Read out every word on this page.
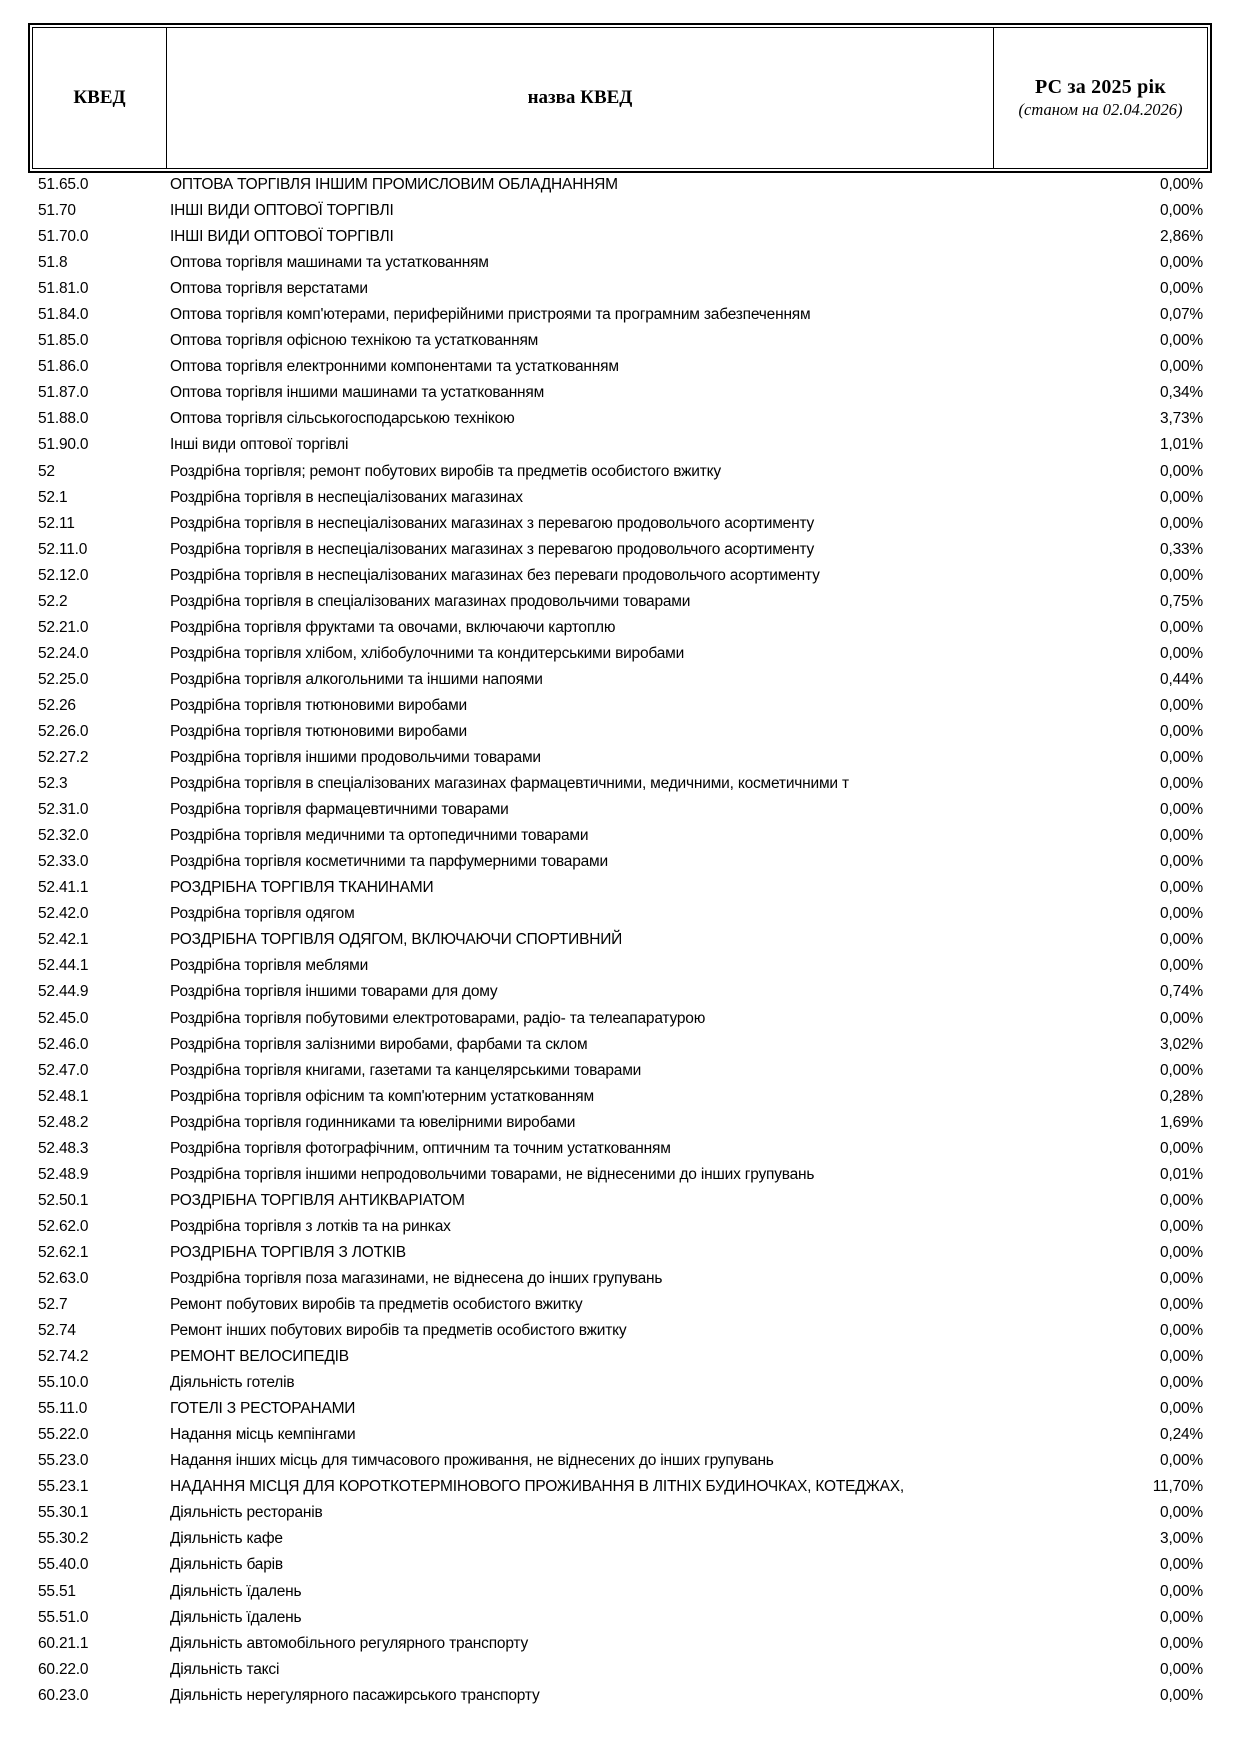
КВЕД	назва КВЕД	РС за 2025 рік
(станом на 02.04.2026)
51.65.0	ОПТОВА ТОРГІВЛЯ ІНШИМ ПРОМИСЛОВИМ ОБЛАДНАННЯМ	0,00%
51.70	ІНШІ ВИДИ ОПТОВОЇ ТОРГІВЛІ	0,00%
51.70.0	ІНШІ ВИДИ ОПТОВОЇ ТОРГІВЛІ	2,86%
51.8	Оптова торгівля машинами та устаткованням	0,00%
51.81.0	Оптова торгівля верстатами	0,00%
51.84.0	Оптова торгівля комп'ютерами, периферійними пристроями та програмним забезпеченням	0,07%
51.85.0	Оптова торгівля офісною технікою та устаткованням	0,00%
51.86.0	Оптова торгівля електронними компонентами та устаткованням	0,00%
51.87.0	Оптова торгівля іншими машинами та устаткованням	0,34%
51.88.0	Оптова торгівля сільськогосподарською технікою	3,73%
51.90.0	Інші види оптової торгівлі	1,01%
52	Роздрібна торгівля; ремонт побутових виробів та предметів особистого вжитку	0,00%
52.1	Роздрібна торгівля в неспеціалізованих магазинах	0,00%
52.11	Роздрібна торгівля в неспеціалізованих магазинах з перевагою продовольчого асортименту	0,00%
52.11.0	Роздрібна торгівля в неспеціалізованих магазинах з перевагою продовольчого асортименту	0,33%
52.12.0	Роздрібна торгівля в неспеціалізованих магазинах без переваги продовольчого асортименту	0,00%
52.2	Роздрібна торгівля в спеціалізованих магазинах продовольчими товарами	0,75%
52.21.0	Роздрібна торгівля фруктами та овочами, включаючи картоплю	0,00%
52.24.0	Роздрібна торгівля хлібом, хлібобулочними та кондитерськими виробами	0,00%
52.25.0	Роздрібна торгівля алкогольними та іншими напоями	0,44%
52.26	Роздрібна торгівля тютюновими виробами	0,00%
52.26.0	Роздрібна торгівля тютюновими виробами	0,00%
52.27.2	Роздрібна торгівля іншими продовольчими товарами	0,00%
52.3	Роздрібна торгівля в спеціалізованих магазинах фармацевтичними, медичними, косметичними т	0,00%
52.31.0	Роздрібна торгівля фармацевтичними товарами	0,00%
52.32.0	Роздрібна торгівля медичними та ортопедичними товарами	0,00%
52.33.0	Роздрібна торгівля косметичними та парфумерними товарами	0,00%
52.41.1	РОЗДРІБНА ТОРГІВЛЯ ТКАНИНАМИ	0,00%
52.42.0	Роздрібна торгівля одягом	0,00%
52.42.1	РОЗДРІБНА ТОРГІВЛЯ ОДЯГОМ, ВКЛЮЧАЮЧИ СПОРТИВНИЙ	0,00%
52.44.1	Роздрібна торгівля меблями	0,00%
52.44.9	Роздрібна торгівля іншими товарами для дому	0,74%
52.45.0	Роздрібна торгівля побутовими електротоварами, радіо- та телеапаратурою	0,00%
52.46.0	Роздрібна торгівля залізними виробами, фарбами та склом	3,02%
52.47.0	Роздрібна торгівля книгами, газетами та канцелярськими товарами	0,00%
52.48.1	Роздрібна торгівля офісним та комп'ютерним устаткованням	0,28%
52.48.2	Роздрібна торгівля годинниками та ювелірними виробами	1,69%
52.48.3	Роздрібна торгівля фотографічним, оптичним та точним устаткованням	0,00%
52.48.9	Роздрібна торгівля іншими непродовольчими товарами, не віднесеними до інших групувань	0,01%
52.50.1	РОЗДРІБНА ТОРГІВЛЯ АНТИКВАРІАТОМ	0,00%
52.62.0	Роздрібна торгівля з лотків та на ринках	0,00%
52.62.1	РОЗДРІБНА ТОРГІВЛЯ З ЛОТКІВ	0,00%
52.63.0	Роздрібна торгівля поза магазинами, не віднесена до інших групувань	0,00%
52.7	Ремонт побутових виробів та предметів особистого вжитку	0,00%
52.74	Ремонт інших побутових виробів та предметів особистого вжитку	0,00%
52.74.2	РЕМОНТ ВЕЛОСИПЕДІВ	0,00%
55.10.0	Діяльність готелів	0,00%
55.11.0	ГОТЕЛІ З РЕСТОРАНАМИ	0,00%
55.22.0	Надання місць кемпінгами	0,24%
55.23.0	Надання інших місць для тимчасового проживання, не віднесених до інших групувань	0,00%
55.23.1	НАДАННЯ МІСЦЯ ДЛЯ КОРОТКОТЕРМІНОВОГО ПРОЖИВАННЯ В ЛІТНІХ БУДИНОЧКАХ, КОТЕДЖАХ,	11,70%
55.30.1	Діяльність ресторанів	0,00%
55.30.2	Діяльність кафе	3,00%
55.40.0	Діяльність барів	0,00%
55.51	Діяльність їдалень	0,00%
55.51.0	Діяльність їдалень	0,00%
60.21.1	Діяльність автомобільного регулярного транспорту	0,00%
60.22.0	Діяльність таксі	0,00%
60.23.0	Діяльність нерегулярного пасажирського транспорту	0,00%
